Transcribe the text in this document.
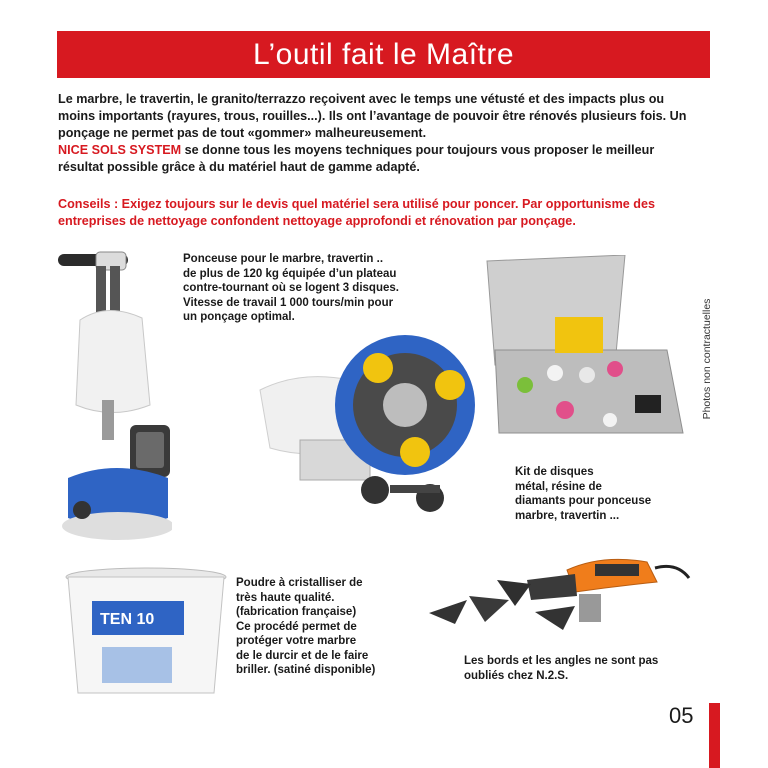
L’outil fait le Maître

Le marbre, le travertin, le granito/terrazzo reçoivent avec le temps une vétusté et des impacts plus ou moins importants (rayures, trous, rouilles...). Ils ont l’avantage de pouvoir être rénovés plusieurs fois. Un ponçage ne permet pas de tout «gommer» malheureusement.

NICE SOLS SYSTEM se donne tous les moyens techniques pour toujours vous proposer le meilleur résultat possible grâce à du matériel haut de gamme adapté.

Conseils : Exigez toujours sur le devis quel matériel sera utilisé pour poncer. Par opportunisme des entreprises de nettoyage confondent nettoyage approfondi et rénovation par ponçage.

Ponceuse pour le marbre, travertin ..
de plus de 120 kg équipée d’un plateau
contre-tournant où se logent 3 disques.
Vitesse de travail 1 000 tours/min pour
un ponçage optimal.

Kit de disques
métal, résine de
diamants pour ponceuse
marbre, travertin ...

Photos non contractuelles
TEN 10

Poudre à cristalliser de
très haute qualité.
(fabrication française)
Ce procédé permet de
protéger votre marbre
de le durcir et de le faire
briller. (satiné disponible)

Les bords et les angles ne sont pas
oubliés chez N.2.S.

05
